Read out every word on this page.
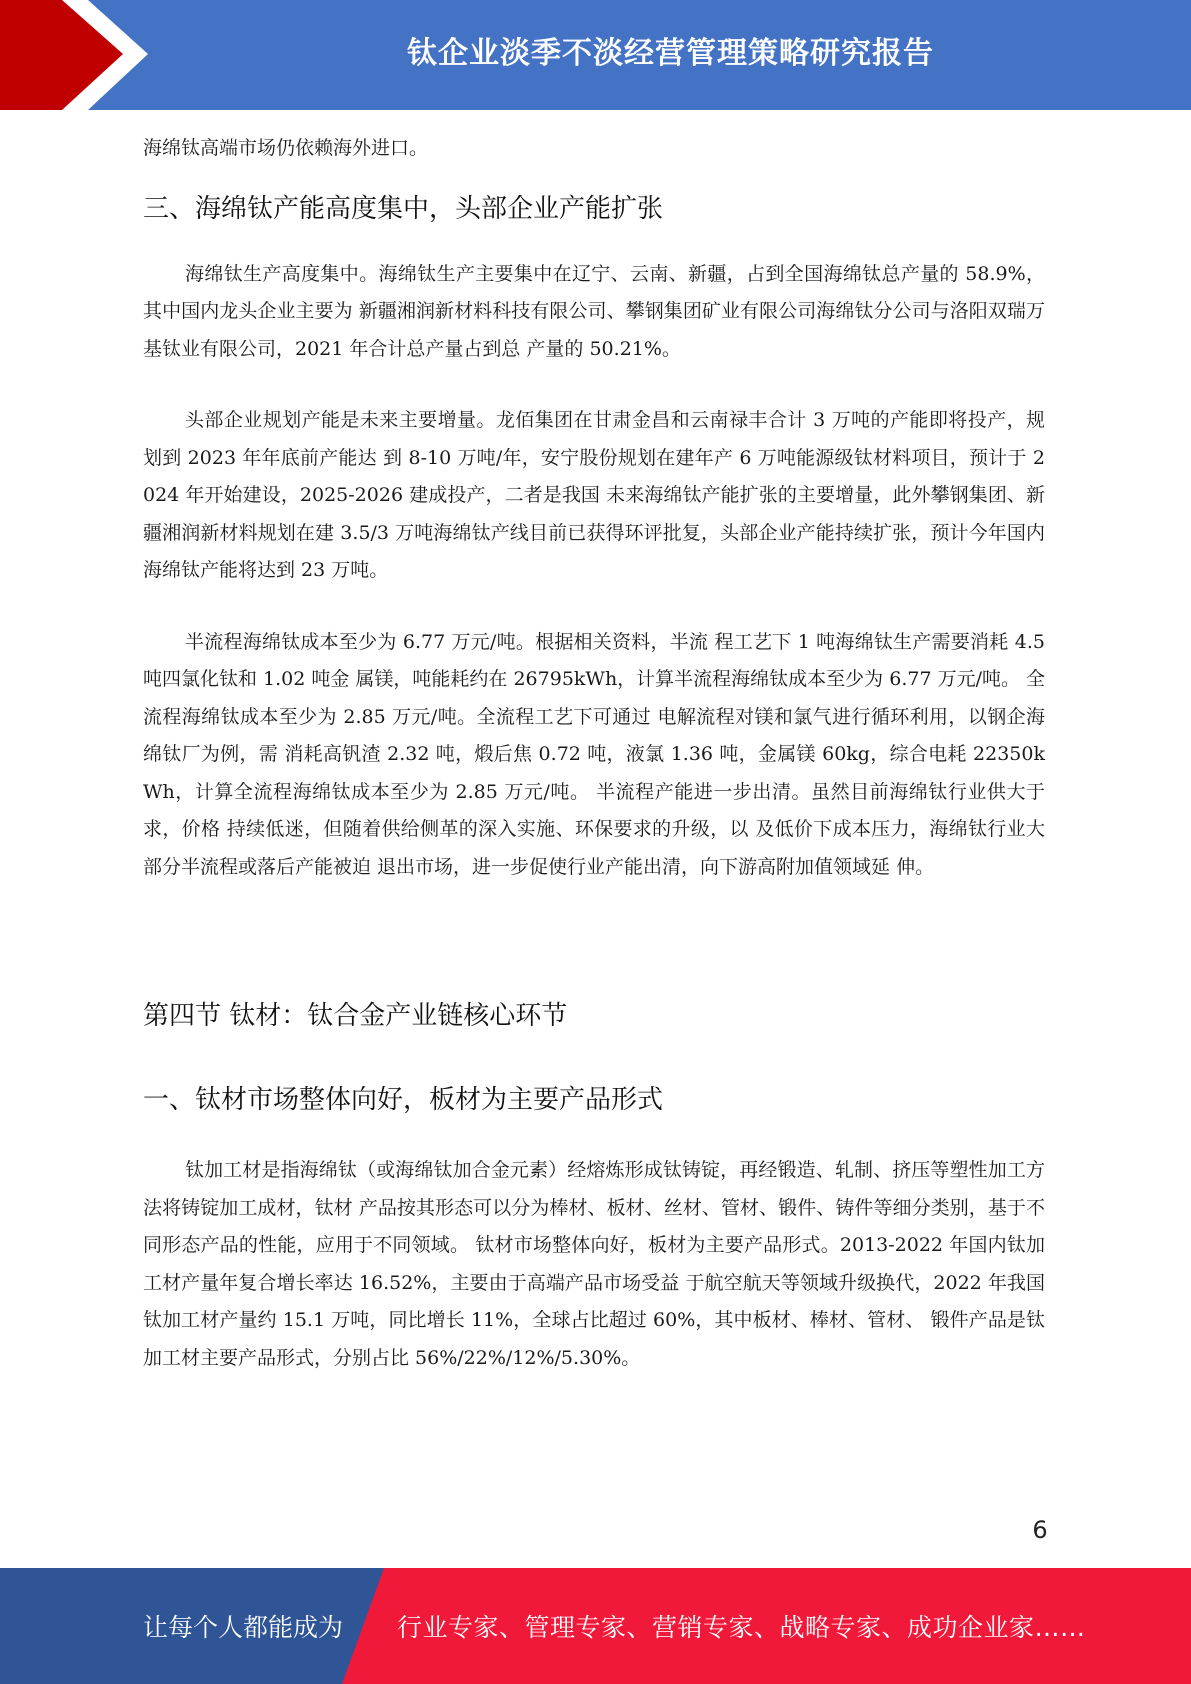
钛企业淡季不淡经营管理策略研究报告

海绵钛高端市场仍依赖海外进口。

三、海绵钛产能高度集中，头部企业产能扩张

海绵钛生产高度集中。海绵钛生产主要集中在辽宁、云南、新疆，占到全国海绵钛总产量的 58.9%，其中国内龙头企业主要为 新疆湘润新材料科技有限公司、攀钢集团矿业有限公司海绵钛分公司与洛阳双瑞万基钛业有限公司，2021 年合计总产量占到总 产量的 50.21%。

头部企业规划产能是未来主要增量。龙佰集团在甘肃金昌和云南禄丰合计 3 万吨的产能即将投产，规划到 2023 年年底前产能达 到 8-10 万吨/年，安宁股份规划在建年产 6 万吨能源级钛材料项目，预计于 2024 年开始建设，2025-2026 建成投产，二者是我国 未来海绵钛产能扩张的主要增量，此外攀钢集团、新疆湘润新材料规划在建 3.5/3 万吨海绵钛产线目前已获得环评批复，头部企业产能持续扩张，预计今年国内海绵钛产能将达到 23 万吨。

半流程海绵钛成本至少为 6.77 万元/吨。根据相关资料，半流 程工艺下 1 吨海绵钛生产需要消耗 4.5 吨四氯化钛和 1.02 吨金 属镁，吨能耗约在 26795kWh，计算半流程海绵钛成本至少为 6.77 万元/吨。 全流程海绵钛成本至少为 2.85 万元/吨。全流程工艺下可通过 电解流程对镁和氯气进行循环利用，以钢企海绵钛厂为例，需 消耗高钒渣 2.32 吨，煅后焦 0.72 吨，液氯 1.36 吨，金属镁 60kg，综合电耗 22350kWh，计算全流程海绵钛成本至少为 2.85 万元/吨。 半流程产能进一步出清。虽然目前海绵钛行业供大于求，价格 持续低迷，但随着供给侧革的深入实施、环保要求的升级，以 及低价下成本压力，海绵钛行业大部分半流程或落后产能被迫 退出市场，进一步促使行业产能出清，向下游高附加值领域延 伸。

第四节 钛材：钛合金产业链核心环节
一、钛材市场整体向好，板材为主要产品形式

钛加工材是指海绵钛（或海绵钛加合金元素）经熔炼形成钛铸锭，再经锻造、轧制、挤压等塑性加工方法将铸锭加工成材，钛材 产品按其形态可以分为棒材、板材、丝材、管材、锻件、铸件等细分类别，基于不同形态产品的性能，应用于不同领域。 钛材市场整体向好，板材为主要产品形式。2013-2022 年国内钛加工材产量年复合增长率达 16.52%，主要由于高端产品市场受益 于航空航天等领域升级换代，2022 年我国钛加工材产量约 15.1 万吨，同比增长 11%，全球占比超过 60%，其中板材、棒材、管材、 锻件产品是钛加工材主要产品形式，分别占比 56%/22%/12%/5.30%。

6
让每个人都能成为 行业专家、管理专家、营销专家、战略专家、成功企业家……
